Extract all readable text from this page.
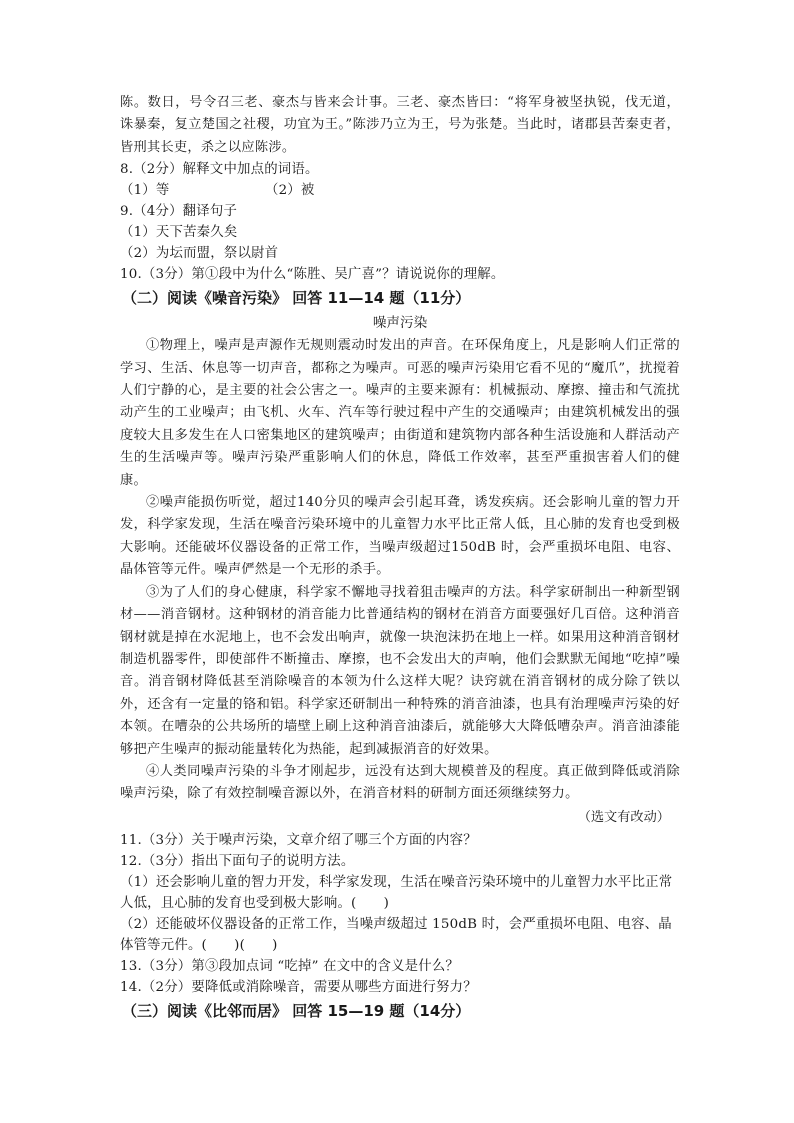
陈。数日，号令召三老、豪杰与皆来会计事。三老、豪杰皆曰：“将军身被坚执锐，伐无道，诛暴秦，复立楚国之社稷，功宜为王。”陈涉乃立为王，号为张楚。当此时，诸郡县苦秦吏者，皆刑其长吏，杀之以应陈涉。

8.（2分）解释文中加点的词语。

（1）等	（2）被

9.（4分）翻译句子

（1）天下苦秦久矣

（2）为坛而盟，祭以尉首

10.（3分）第①段中为什么“陈胜、吴广喜”？请说说你的理解。

（二）阅读《噪音污染》 回答 11—14 题（11分）

噪声污染

①物理上，噪声是声源作无规则震动时发出的声音。在环保角度上，凡是影响人们正常的学习、生活、休息等一切声音，都称之为噪声。可恶的噪声污染用它看不见的“魔爪”，扰搅着人们宁静的心，是主要的社会公害之一。噪声的主要来源有：机械振动、摩擦、撞击和气流扰动产生的工业噪声；由飞机、火车、汽车等行驶过程中产生的交通噪声；由建筑机械发出的强度较大且多发生在人口密集地区的建筑噪声；由街道和建筑物内部各种生活设施和人群活动产生的生活噪声等。噪声污染严重影响人们的休息，降低工作效率，甚至严重损害着人们的健康。

②噪声能损伤听觉，超过140分贝的噪声会引起耳聋，诱发疾病。还会影响儿童的智力开发，科学家发现，生活在噪音污染环境中的儿童智力水平比正常人低，且心肺的发育也受到极大影响。还能破坏仪器设备的正常工作，当噪声级超过150dB 时，会严重损坏电阻、电容、晶体管等元件。噪声俨然是一个无形的杀手。

③为了人们的身心健康，科学家不懈地寻找着狙击噪声的方法。科学家研制出一种新型钢材——消音钢材。这种钢材的消音能力比普通结构的钢材在消音方面要强好几百倍。这种消音钢材就是掉在水泥地上，也不会发出响声，就像一块泡沫扔在地上一样。如果用这种消音钢材制造机器零件，即使部件不断撞击、摩擦，也不会发出大的声响，他们会默默无闻地“吃掉”噪音。消音钢材降低甚至消除噪音的本领为什么这样大呢？诀窍就在消音钢材的成分除了铁以外，还含有一定量的铬和铝。科学家还研制出一种特殊的消音油漆，也具有治理噪声污染的好本领。在嘈杂的公共场所的墙壁上刷上这种消音油漆后，就能够大大降低嘈杂声。消音油漆能够把产生噪声的振动能量转化为热能，起到减振消音的好效果。

④人类同噪声污染的斗争才刚起步，远没有达到大规模普及的程度。真正做到降低或消除噪声污染，除了有效控制噪音源以外，在消音材料的研制方面还须继续努力。

（选文有改动）

11.（3分）关于噪声污染，文章介绍了哪三个方面的内容？

12.（3分）指出下面句子的说明方法。

（1）还会影响儿童的智力开发，科学家发现，生活在噪音污染环境中的儿童智力水平比正常人低，且心肺的发育也受到极大影响。(　　)

（2）还能破坏仪器设备的正常工作，当噪声级超过 150dB 时，会严重损坏电阻、电容、晶体管等元件。(　　)(　　)

13.（3分）第③段加点词 “吃掉” 在文中的含义是什么？

14.（2分）要降低或消除噪音，需要从哪些方面进行努力？

（三）阅读《比邻而居》 回答 15—19 题（14分）
